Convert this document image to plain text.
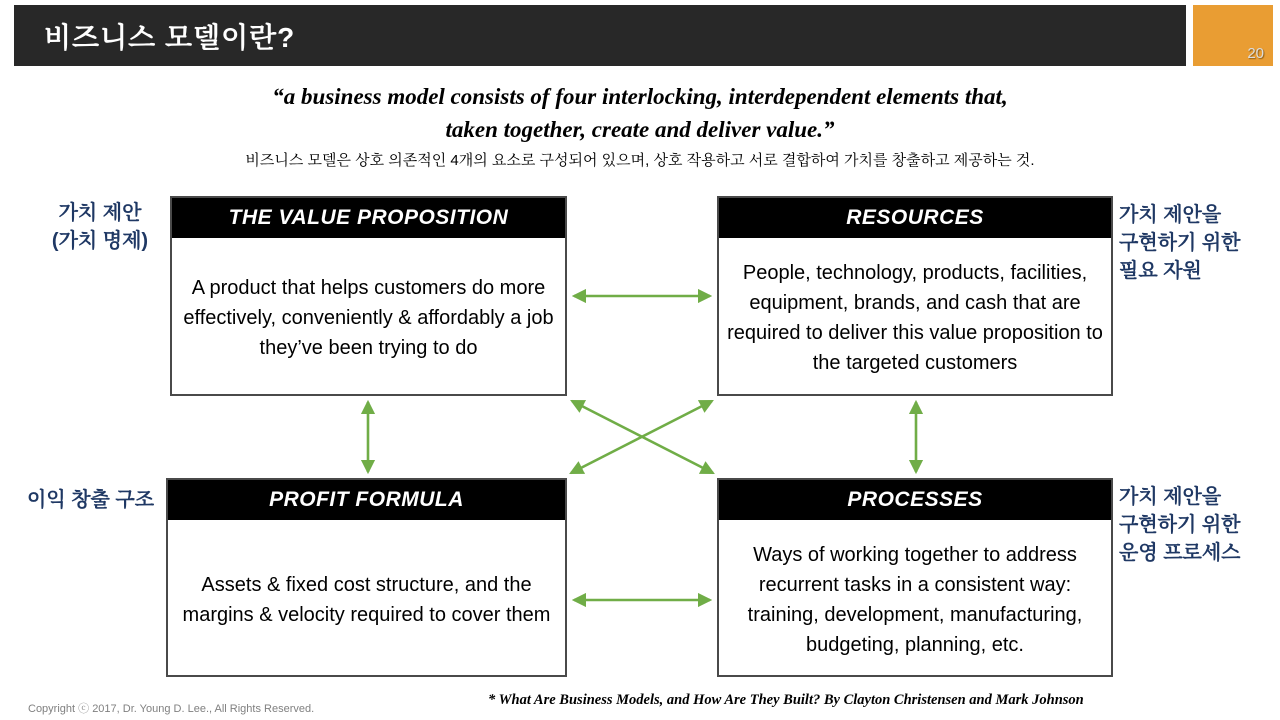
비즈니스 모델이란?
20
“a business model consists of four interlocking, interdependent elements that,
taken together, create and deliver value.”
비즈니스 모델은 상호 의존적인 4개의 요소로 구성되어 있으며, 상호 작용하고 서로 결합하여 가치를 창출하고 제공하는 것.
THE VALUE PROPOSITION
A product that helps customers do more effectively, conveniently & affordably a job they’ve been trying to do
RESOURCES
People, technology, products, facilities, equipment, brands, and cash that are required to deliver this value proposition to the targeted customers
PROFIT FORMULA
Assets & fixed cost structure, and the margins & velocity required to cover them
PROCESSES
Ways of working together to address recurrent tasks in a consistent way: training, development, manufacturing, budgeting, planning, etc.
가치 제안
(가치 명제)
이익 창출 구조
가치 제안을
구현하기 위한
필요 자원
가치 제안을
구현하기 위한
운영 프로세스
* What Are Business Models, and How Are They Built? By Clayton Christensen and Mark Johnson
Copyright ⓒ 2017, Dr. Young D. Lee., All Rights Reserved.
